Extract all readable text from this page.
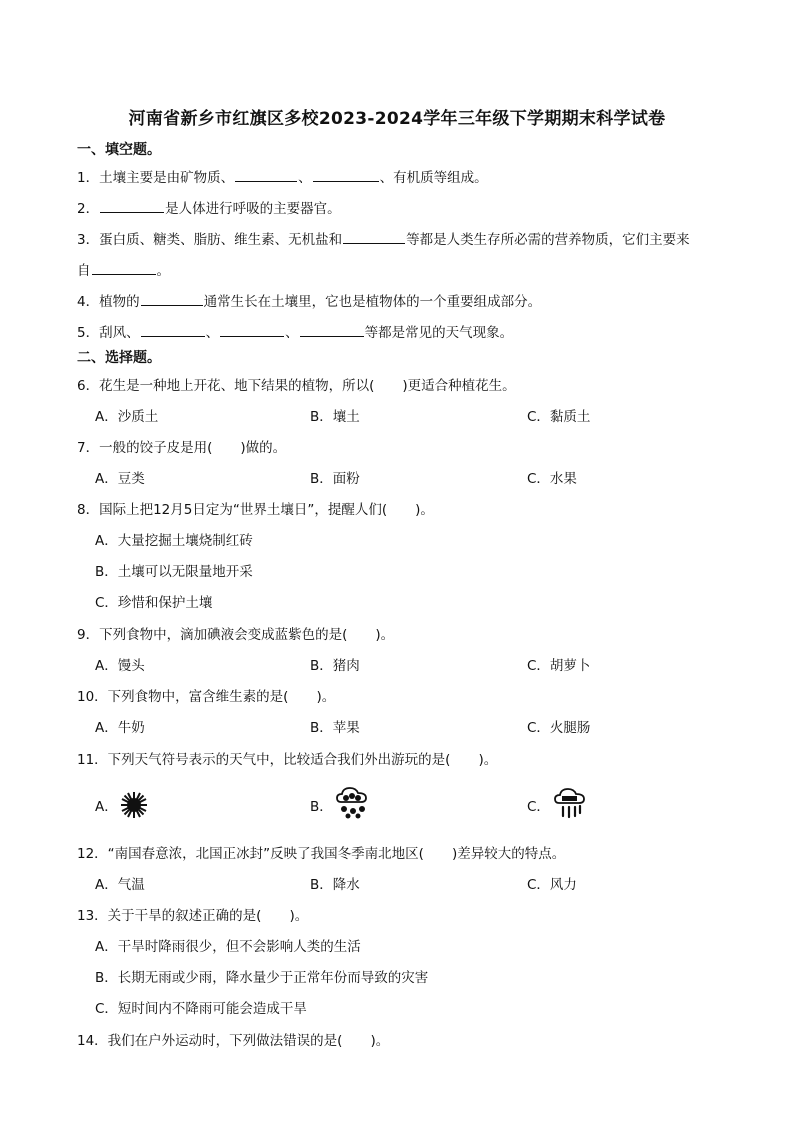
河南省新乡市红旗区多校2023-2024学年三年级下学期期末科学试卷
一、填空题。
1．土壤主要是由矿物质、	、	、有机质等组成。
2．	是人体进行呼吸的主要器官。
3．蛋白质、糖类、脂肪、维生素、无机盐和	等都是人类生存所必需的营养物质，它们主要来
自	。
4．植物的	通常生长在土壤里，它也是植物体的一个重要组成部分。
5．刮风、	、	、	等都是常见的天气现象。
二、选择题。
6．花生是一种地上开花、地下结果的植物，所以( )更适合种植花生。
A．沙质土	B．壤土	C．黏质土
7．一般的饺子皮是用( )做的。
A．豆类	B．面粉	C．水果
8．国际上把12月5日定为“世界土壤日”，提醒人们( )。
A．大量挖掘土壤烧制红砖
B．土壤可以无限量地开采
C．珍惜和保护土壤
9．下列食物中，滴加碘液会变成蓝紫色的是( )。
A．馒头	B．猪肉	C．胡萝卜
10．下列食物中，富含维生素的是( )。
A．牛奶	B．苹果	C．火腿肠
11．下列天气符号表示的天气中，比较适合我们外出游玩的是( )。
A．	B．	C．
12．“南国春意浓，北国正冰封”反映了我国冬季南北地区( )差异较大的特点。
A．气温	B．降水	C．风力
13．关于干旱的叙述正确的是( )。
A．干旱时降雨很少，但不会影响人类的生活
B．长期无雨或少雨，降水量少于正常年份而导致的灾害
C．短时间内不降雨可能会造成干旱
14．我们在户外运动时，下列做法错误的是( )。
